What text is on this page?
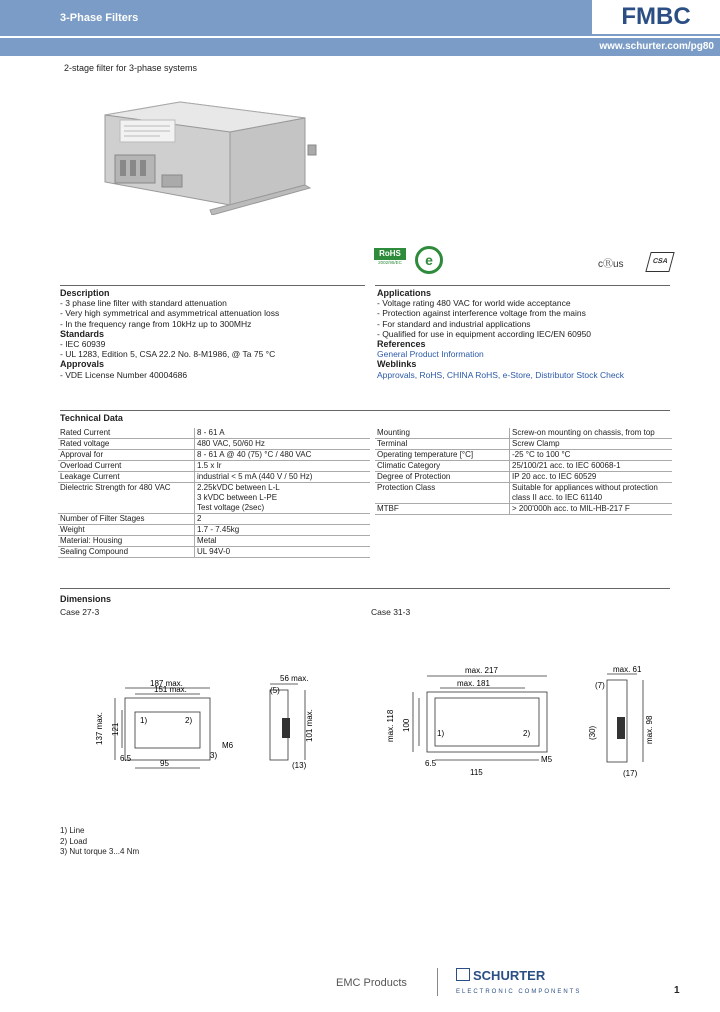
3-Phase Filters	FMBC
www.schurter.com/pg80
2-stage filter for 3-phase systems
RoHS
2002/95/EC	e	cⓇus	CSA
Description
- 3 phase line filter with standard attenuation
- Very high symmetrical and asymmetrical attenuation loss
- In the frequency range from 10kHz up to 300MHz
Standards
- IEC 60939
- UL 1283, Edition 5, CSA 22.2 No. 8-M1986, @ Ta 75 °C
Approvals
- VDE License Number 40004686
Applications
- Voltage rating 480 VAC for world wide acceptance
- Protection against interference voltage from the mains
- For standard and industrial applications
- Qualified for use in equipment according IEC/EN 60950
References
General Product Information
Weblinks
Approvals, RoHS, CHINA RoHS, e-Store, Distributor Stock Check
Technical Data
Rated Current	8 - 61 A
Rated voltage	480 VAC, 50/60 Hz
Approval for	8 - 61 A @ 40 (75) °C / 480 VAC
Overload Current	1.5 x Ir
Leakage Current	industrial < 5 mA (440 V / 50 Hz)
Dielectric Strength for 480 VAC	2.25kVDC between L-L
3 kVDC between L-PE
Test voltage (2sec)
Number of Filter Stages	2
Weight	1.7 - 7.45kg
Material: Housing	Metal
Sealing Compound	UL 94V-0
Mounting	Screw-on mounting on chassis, from top
Terminal	Screw Clamp
Operating temperature [°C]	-25 °C to 100 °C
Climatic Category	25/100/21 acc. to IEC 60068-1
Degree of Protection	IP 20 acc. to IEC 60529
Protection Class	Suitable for appliances without protection class II acc. to IEC 61140
MTBF	> 200'000h acc. to MIL-HB-217 F
Dimensions
Case 27-3	Case 31-3
187 max.
151 max.
137 max. 121
1)	2)
3)
M6
6.5
95
56 max.
(5)
101 max.
(13)
max. 217
max. 181
max. 118 100
6.5
115
M5
1)	2)
max. 61
(7)
(30)	max. 98
(17)
1) Line
2) Load
3) Nut torque 3...4 Nm
EMC Products	SCHURTER
ELECTRONIC COMPONENTS	1
